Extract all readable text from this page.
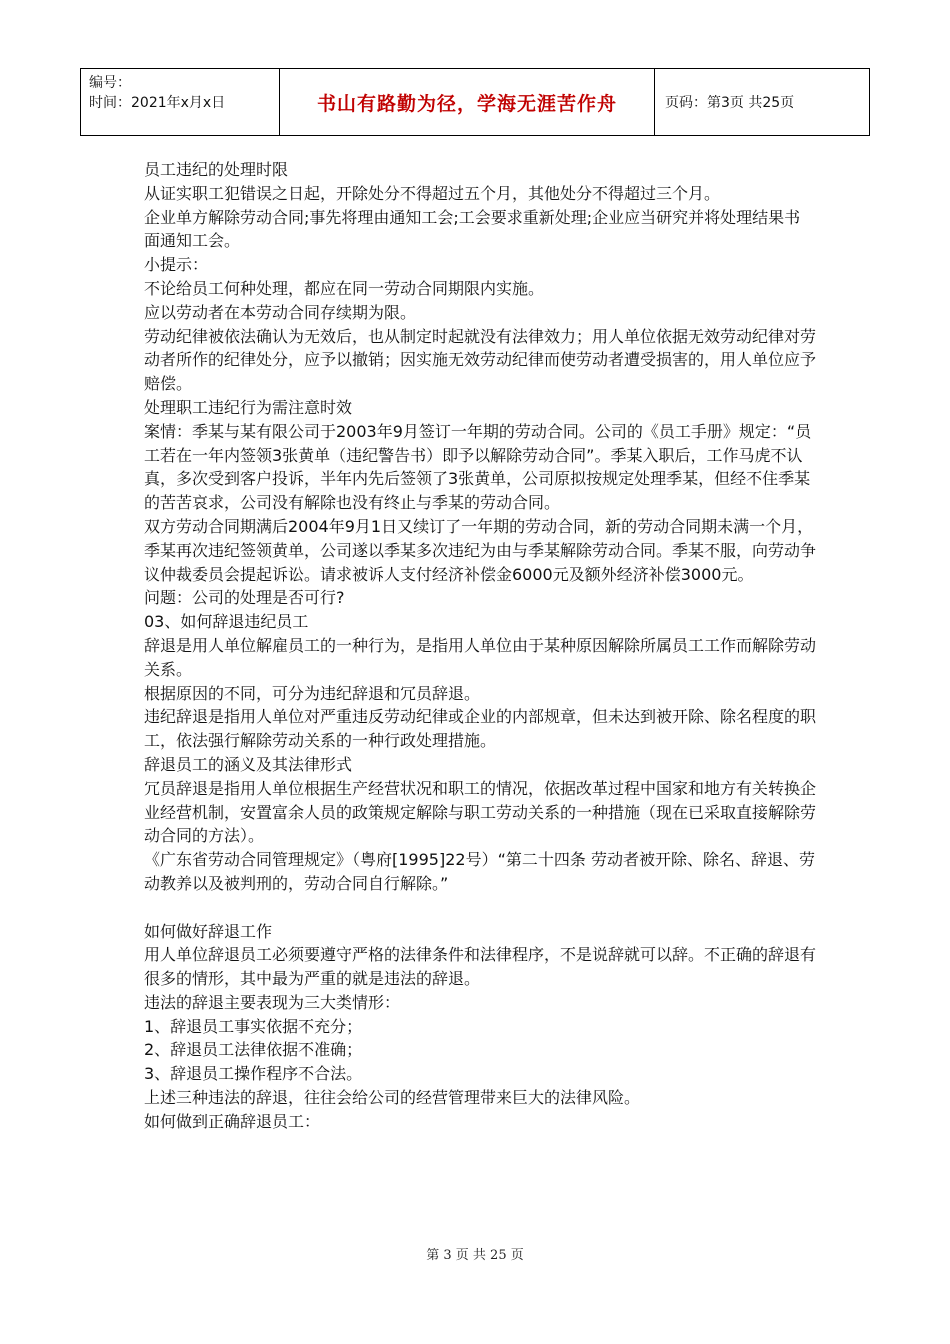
编号：
时间：2021年x月x日	书山有路勤为径，学海无涯苦作舟	页码：第3页 共25页

员工违纪的处理时限

从证实职工犯错误之日起，开除处分不得超过五个月，其他处分不得超过三个月。

企业单方解除劳动合同;事先将理由通知工会;工会要求重新处理;企业应当研究并将处理结果书面通知工会。

小提示：

不论给员工何种处理，都应在同一劳动合同期限内实施。

应以劳动者在本劳动合同存续期为限。

劳动纪律被依法确认为无效后，也从制定时起就没有法律效力；用人单位依据无效劳动纪律对劳动者所作的纪律处分，应予以撤销；因实施无效劳动纪律而使劳动者遭受损害的，用人单位应予赔偿。

处理职工违纪行为需注意时效

案情：季某与某有限公司于2003年9月签订一年期的劳动合同。公司的《员工手册》规定：“员工若在一年内签领3张黄单（违纪警告书）即予以解除劳动合同”。季某入职后，工作马虎不认真，多次受到客户投诉，半年内先后签领了3张黄单，公司原拟按规定处理季某，但经不住季某的苦苦哀求，公司没有解除也没有终止与季某的劳动合同。

双方劳动合同期满后2004年9月1日又续订了一年期的劳动合同，新的劳动合同期未满一个月，季某再次违纪签领黄单，公司遂以季某多次违纪为由与季某解除劳动合同。季某不服，向劳动争议仲裁委员会提起诉讼。请求被诉人支付经济补偿金6000元及额外经济补偿3000元。

问题：公司的处理是否可行?

03、如何辞退违纪员工

辞退是用人单位解雇员工的一种行为，是指用人单位由于某种原因解除所属员工工作而解除劳动关系。

根据原因的不同，可分为违纪辞退和冗员辞退。

违纪辞退是指用人单位对严重违反劳动纪律或企业的内部规章，但未达到被开除、除名程度的职工，依法强行解除劳动关系的一种行政处理措施。

辞退员工的涵义及其法律形式

冗员辞退是指用人单位根据生产经营状况和职工的情况，依据改革过程中国家和地方有关转换企业经营机制，安置富余人员的政策规定解除与职工劳动关系的一种措施（现在已采取直接解除劳动合同的方法）。

《广东省劳动合同管理规定》（粤府[1995]22号）“第二十四条 劳动者被开除、除名、辞退、劳动教养以及被判刑的，劳动合同自行解除。”

如何做好辞退工作

用人单位辞退员工必须要遵守严格的法律条件和法律程序，不是说辞就可以辞。不正确的辞退有很多的情形，其中最为严重的就是违法的辞退。

违法的辞退主要表现为三大类情形：

1、辞退员工事实依据不充分；

2、辞退员工法律依据不准确；

3、辞退员工操作程序不合法。

上述三种违法的辞退，往往会给公司的经营管理带来巨大的法律风险。

如何做到正确辞退员工：

第 3 页 共 25 页
